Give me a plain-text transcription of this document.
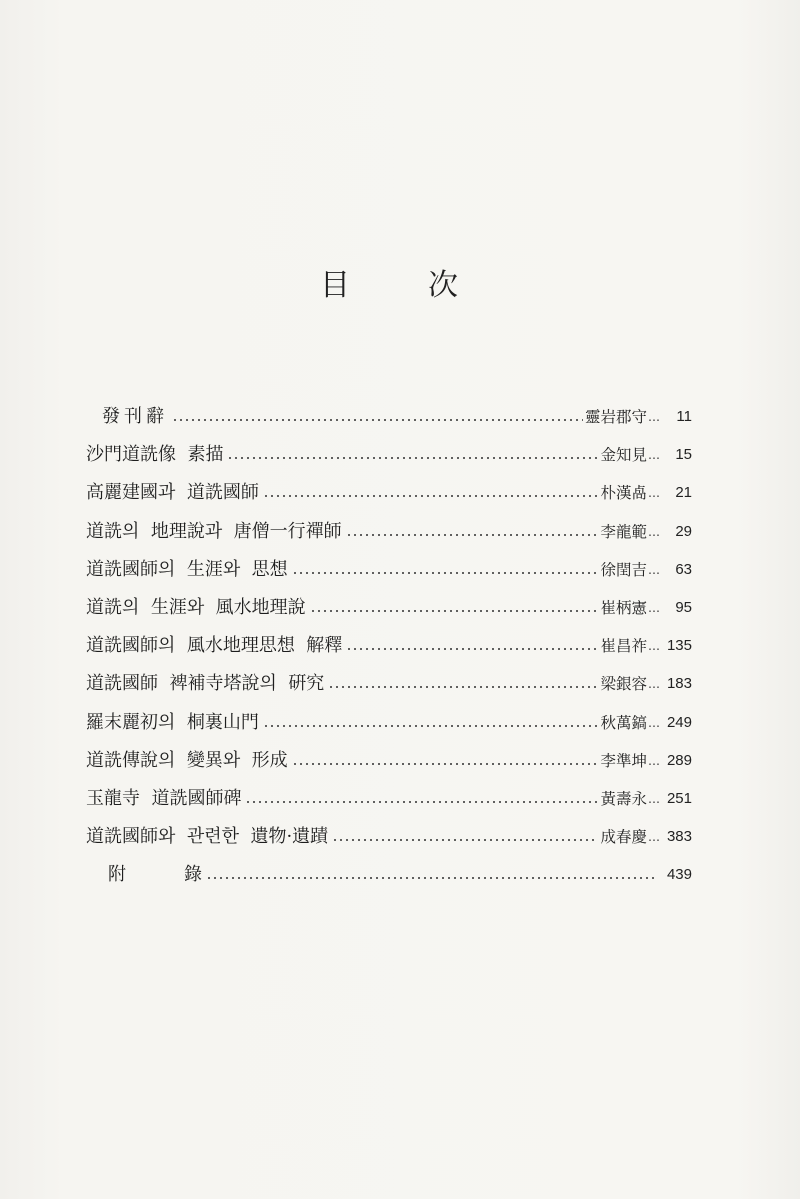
目	次
發刊辭	靈岩郡守 …	11
沙門道詵像  素描	金知見 … 15
高麗建國과  道詵國師	朴漢卨 … 21
道詵의  地理說과  唐僧一行禪師	李龍範 … 29
道詵國師의  生涯와  思想	徐閏吉 … 63
道詵의  生涯와  風水地理說	崔柄憲 … 95
道詵國師의  風水地理思想  解釋	崔昌祚 … 135
道詵國師  裨補寺塔說의  硏究	梁銀容 … 183
羅末麗初의  桐裏山門	秋萬鎬 … 249
道詵傳說의  變異와  形成	李準坤 … 289
玉龍寺  道詵國師碑	黃壽永 … 251
道詵國師와  관련한  遺物·遺蹟	成春慶 … 383
附	錄	439
